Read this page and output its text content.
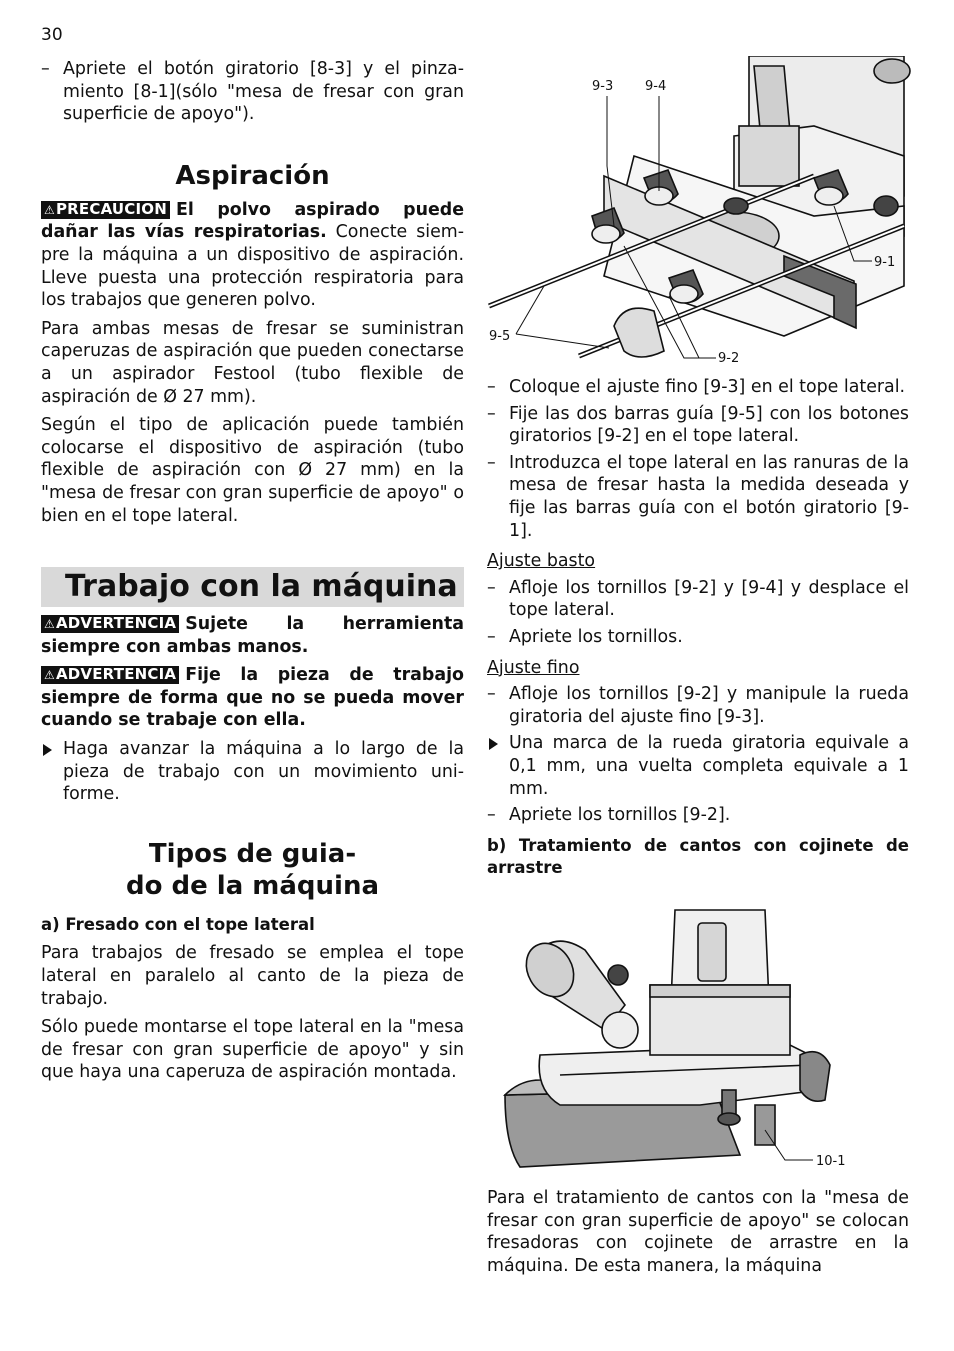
30

– Apriete el botón giratorio [8-3] y el pinzamiento [8-1](sólo "mesa de fresar con gran superficie de apoyo").

Aspiración

⚠PRECAUCION El polvo aspirado puede dañar las vías respiratorias. Conecte siempre la máquina a un dispositivo de aspiración. Lleve puesta una protección respiratoria para los trabajos que generen polvo.

Para ambas mesas de fresar se suministran caperuzas de aspiración que pueden conectarse a un aspirador Festool (tubo flexible de aspiración de Ø 27 mm).

Según el tipo de aplicación puede también colocarse el dispositivo de aspiración (tubo flexible de aspiración con Ø 27 mm) en la "mesa de fresar con gran superficie de apoyo" o bien en el tope lateral.

Trabajo con la máquina

⚠ADVERTENCIA Sujete la herramienta siempre con ambas manos.

⚠ADVERTENCIA Fije la pieza de trabajo siempre de forma que no se pueda mover cuando se trabaje con ella.

Haga avanzar la máquina a lo largo de la pieza de trabajo con un movimiento uniforme.

Tipos de guia-
do de la máquina

a) Fresado con el tope lateral

Para trabajos de fresado se emplea el tope lateral en paralelo al canto de la pieza de trabajo.

Sólo puede montarse el tope lateral en la "mesa de fresar con gran superficie de apoyo" y sin que haya una caperuza de aspiración montada.

9-3 9-4
9-1
9-5
9-2

– Coloque el ajuste fino [9-3] en el tope lateral.

– Fije las dos barras guía [9-5] con los botones giratorios [9-2] en el tope lateral.

– Introduzca el tope lateral en las ranuras de la mesa de fresar hasta la medida deseada y fije las barras guía con el botón giratorio [9-1].

Ajuste basto

– Afloje los tornillos [9-2] y [9-4] y desplace el tope lateral.

– Apriete los tornillos.

Ajuste fino

– Afloje los tornillos [9-2] y manipule la rueda giratoria del ajuste fino [9-3].

Una marca de la rueda giratoria equivale a 0,1 mm, una vuelta completa equivale a 1 mm.

– Apriete los tornillos [9-2].

b) Tratamiento de cantos con cojinete de arrastre

10-1

Para el tratamiento de cantos con la "mesa de fresar con gran superficie de apoyo" se colocan fresadoras con cojinete de arrastre en la máquina. De esta manera, la máquina
